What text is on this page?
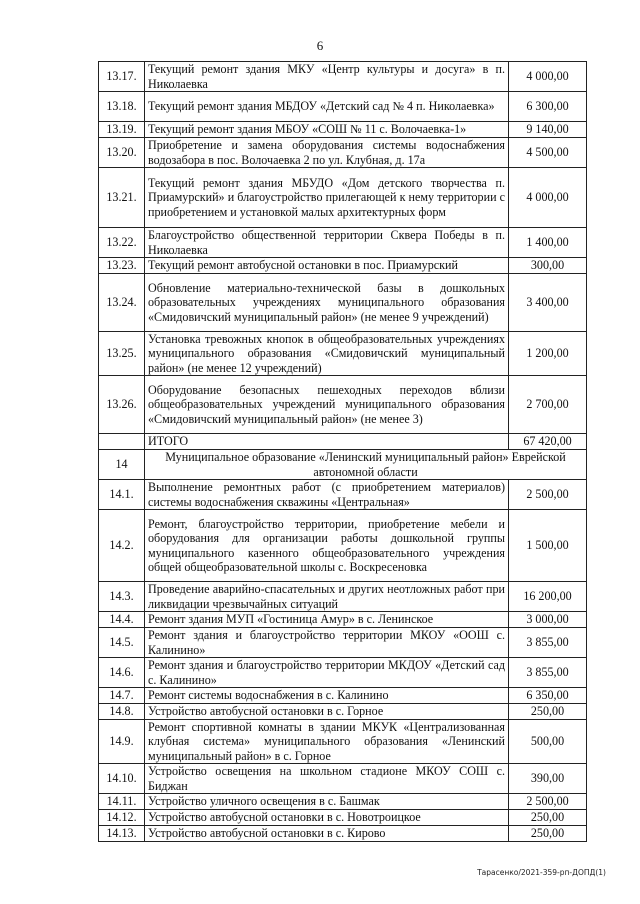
6
13.17.	Текущий ремонт здания МКУ «Центр культуры и досуга» в п. Николаевка	4 000,00
13.18.	Текущий ремонт здания МБДОУ «Детский сад № 4 п. Николаевка»	6 300,00
13.19.	Текущий ремонт здания МБОУ «СОШ № 11 с. Волочаевка-1»	9 140,00
13.20.	Приобретение и замена оборудования системы водоснабжения водозабора в пос. Волочаевка 2 по ул. Клубная, д. 17а	4 500,00
13.21.	Текущий ремонт здания МБУДО «Дом детского творчества п. Приамурский» и благоустройство прилегающей к нему территории с приобретением и установкой малых архитектурных форм	4 000,00
13.22.	Благоустройство общественной территории Сквера Победы в п. Николаевка	1 400,00
13.23.	Текущий ремонт автобусной остановки в пос. Приамурский	300,00
13.24.	Обновление материально-технической базы в дошкольных образовательных учреждениях муниципального образования «Смидовичский муниципальный район» (не менее 9 учреждений)	3 400,00
13.25.	Установка тревожных кнопок в общеобразовательных учреждениях муниципального образования «Смидовичский муниципальный район» (не менее 12 учреждений)	1 200,00
13.26.	Оборудование безопасных пешеходных переходов вблизи общеобразовательных учреждений муниципального образования «Смидовичский муниципальный район» (не менее 3)	2 700,00
	ИТОГО	67 420,00
14	Муниципальное образование «Ленинский муниципальный район» Еврейской автономной области	
14.1.	Выполнение ремонтных работ (с приобретением материалов) системы водоснабжения скважины «Центральная»	2 500,00
14.2.	Ремонт, благоустройство территории, приобретение мебели и оборудования для организации работы дошкольной группы муниципального казенного общеобразовательного учреждения общей общеобразовательной школы с. Воскресеновка	1 500,00
14.3.	Проведение аварийно-спасательных и других неотложных работ при ликвидации чрезвычайных ситуаций	16 200,00
14.4.	Ремонт здания МУП «Гостиница Амур» в с. Ленинское	3 000,00
14.5.	Ремонт здания и благоустройство территории МКОУ «ООШ с. Калинино»	3 855,00
14.6.	Ремонт здания и благоустройство территории МКДОУ «Детский сад с. Калинино»	3 855,00
14.7.	Ремонт системы водоснабжения в с. Калинино	6 350,00
14.8.	Устройство автобусной остановки в с. Горное	250,00
14.9.	Ремонт спортивной комнаты в здании МКУК «Централизованная клубная система» муниципального образования «Ленинский муниципальный район» в с. Горное	500,00
14.10.	Устройство освещения на школьном стадионе МКОУ СОШ с. Биджан	390,00
14.11.	Устройство уличного освещения в с. Башмак	2 500,00
14.12.	Устройство автобусной остановки в с. Новотроицкое	250,00
14.13.	Устройство автобусной остановки в с. Кирово	250,00
Тарасенко/2021-359-рп-ДОПД(1)
